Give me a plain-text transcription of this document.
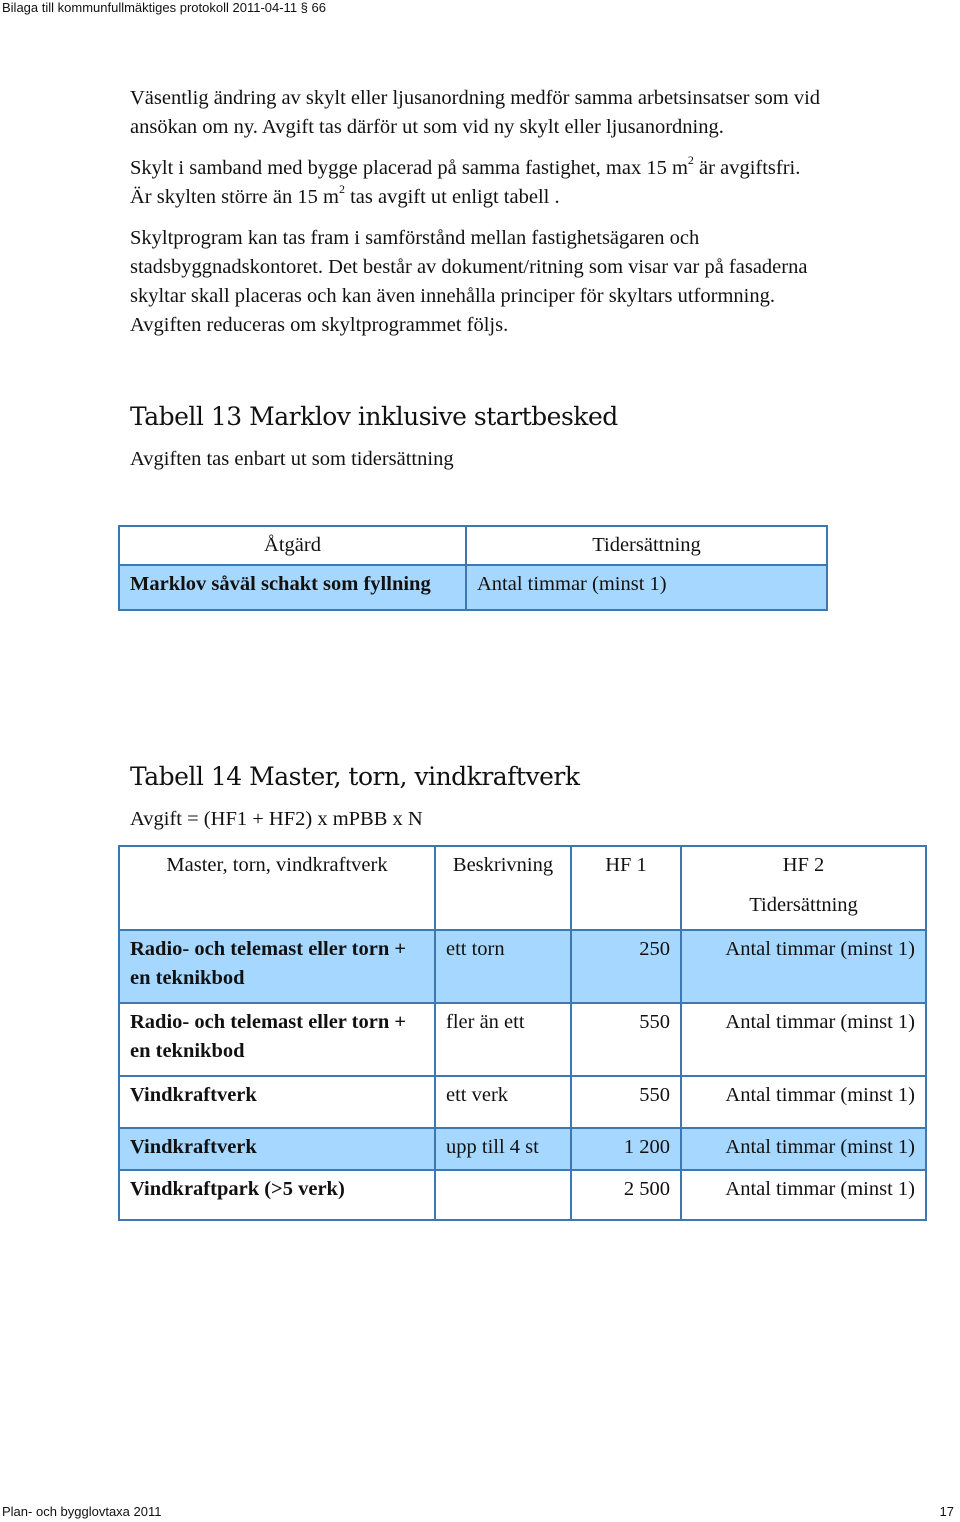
Bilaga till kommunfullmäktiges protokoll 2011-04-11 § 66

Väsentlig ändring av skylt eller ljusanordning medför samma arbetsinsatser som vid

ansökan om ny. Avgift tas därför ut som vid ny skylt eller ljusanordning.

Skylt i samband med bygge placerad på samma fastighet, max 15 $m^2$ är avgiftsfri.

Är skylten större än 15 $m^2$ tas avgift ut enligt tabell .

Skyltprogram kan tas fram i samförstånd mellan fastighetsägaren och

stadsbyggnadskontoret. Det består av dokument/ritning som visar var på fasaderna

skyltar skall placeras och kan även innehålla principer för skyltars utformning.

Avgiften reduceras om skyltprogrammet följs.

Tabell 13 Marklov inklusive startbesked
Avgiften tas enbart ut som tidersättning
Åtgärd	Tidersättning
Marklov såväl schakt som fyllning	Antal timmar (minst 1)
Tabell 14 Master, torn, vindkraftverk
Avgift = (HF1 + HF2) x mPBB x N
Master, torn, vindkraftverk	Beskrivning	HF 1	HF 2
Tidersättning

Radio- och telemast eller torn + en teknikbod	ett torn	250	Antal timmar (minst 1)
Radio- och telemast eller torn + en teknikbod	fler än ett	550	Antal timmar (minst 1)
Vindkraftverk	ett verk	550	Antal timmar (minst 1)
Vindkraftverk	upp till 4 st	1 200	Antal timmar (minst 1)
Vindkraftpark (>5 verk)		2 500	Antal timmar (minst 1)
Plan- och bygglovtaxa 2011	17
